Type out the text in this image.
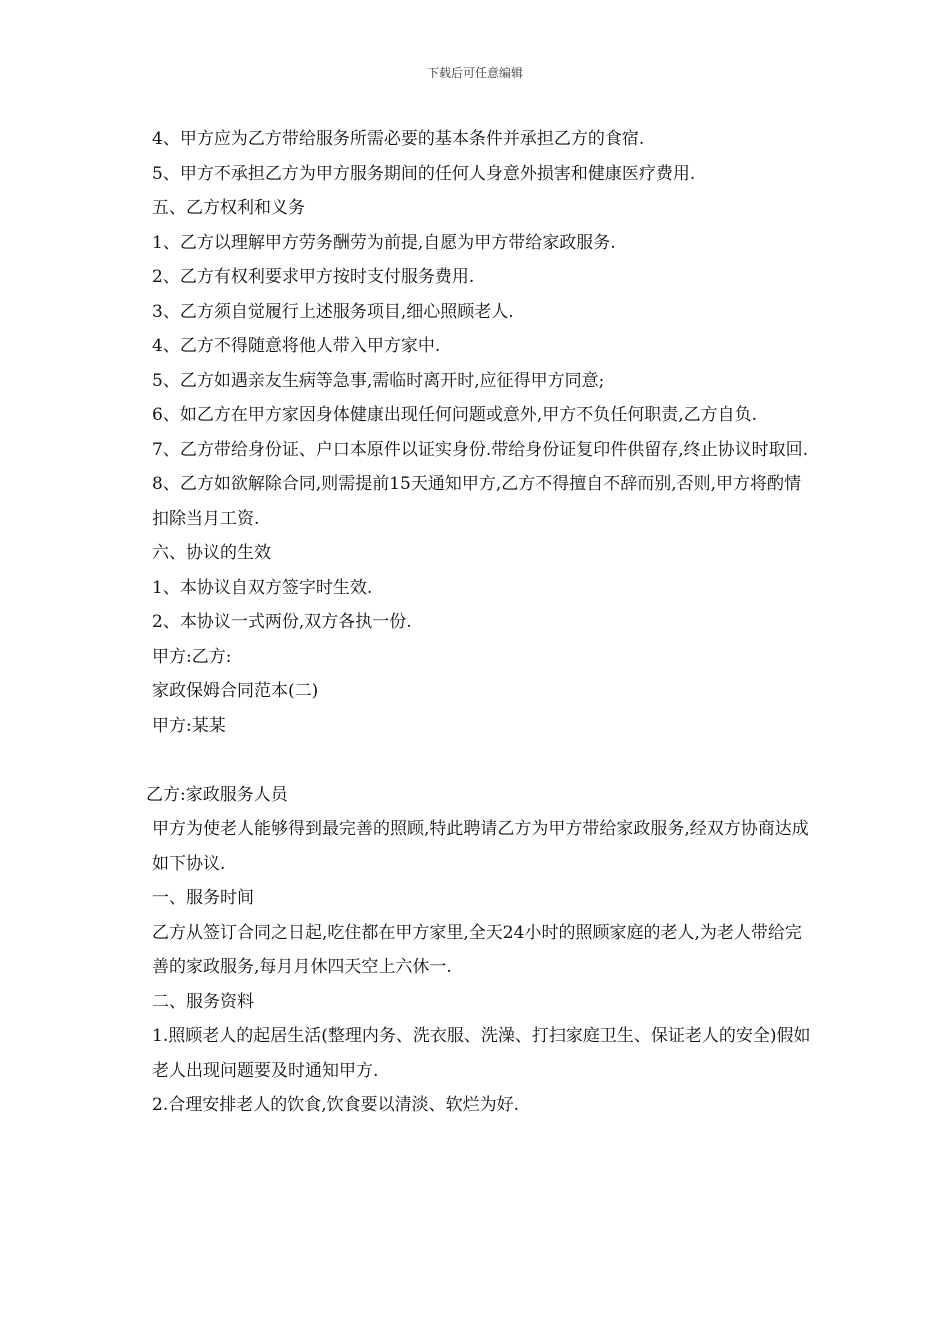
下载后可任意编辑

4、甲方应为乙方带给服务所需必要的基本条件并承担乙方的食宿.

5、甲方不承担乙方为甲方服务期间的任何人身意外损害和健康医疗费用.

五、乙方权利和义务

1、乙方以理解甲方劳务酬劳为前提,自愿为甲方带给家政服务.

2、乙方有权利要求甲方按时支付服务费用.

3、乙方须自觉履行上述服务项目,细心照顾老人.

4、乙方不得随意将他人带入甲方家中.

5、乙方如遇亲友生病等急事,需临时离开时,应征得甲方同意;

6、如乙方在甲方家因身体健康出现任何问题或意外,甲方不负任何职责,乙方自负.

7、乙方带给身份证、户口本原件以证实身份.带给身份证复印件供留存,终止协议时取回.

8、乙方如欲解除合同,则需提前15天通知甲方,乙方不得擅自不辞而别,否则,甲方将酌情扣除当月工资.

六、协议的生效

1、本协议自双方签字时生效.

2、本协议一式两份,双方各执一份.

甲方:乙方:

家政保姆合同范本(二)

甲方:某某

乙方:家政服务人员

甲方为使老人能够得到最完善的照顾,特此聘请乙方为甲方带给家政服务,经双方协商达成如下协议.

一、服务时间

乙方从签订合同之日起,吃住都在甲方家里,全天24小时的照顾家庭的老人,为老人带给完善的家政服务,每月月休四天空上六休一.

二、服务资料

1.照顾老人的起居生活(整理内务、洗衣服、洗澡、打扫家庭卫生、保证老人的安全)假如老人出现问题要及时通知甲方.

2.合理安排老人的饮食,饮食要以清淡、软烂为好.
